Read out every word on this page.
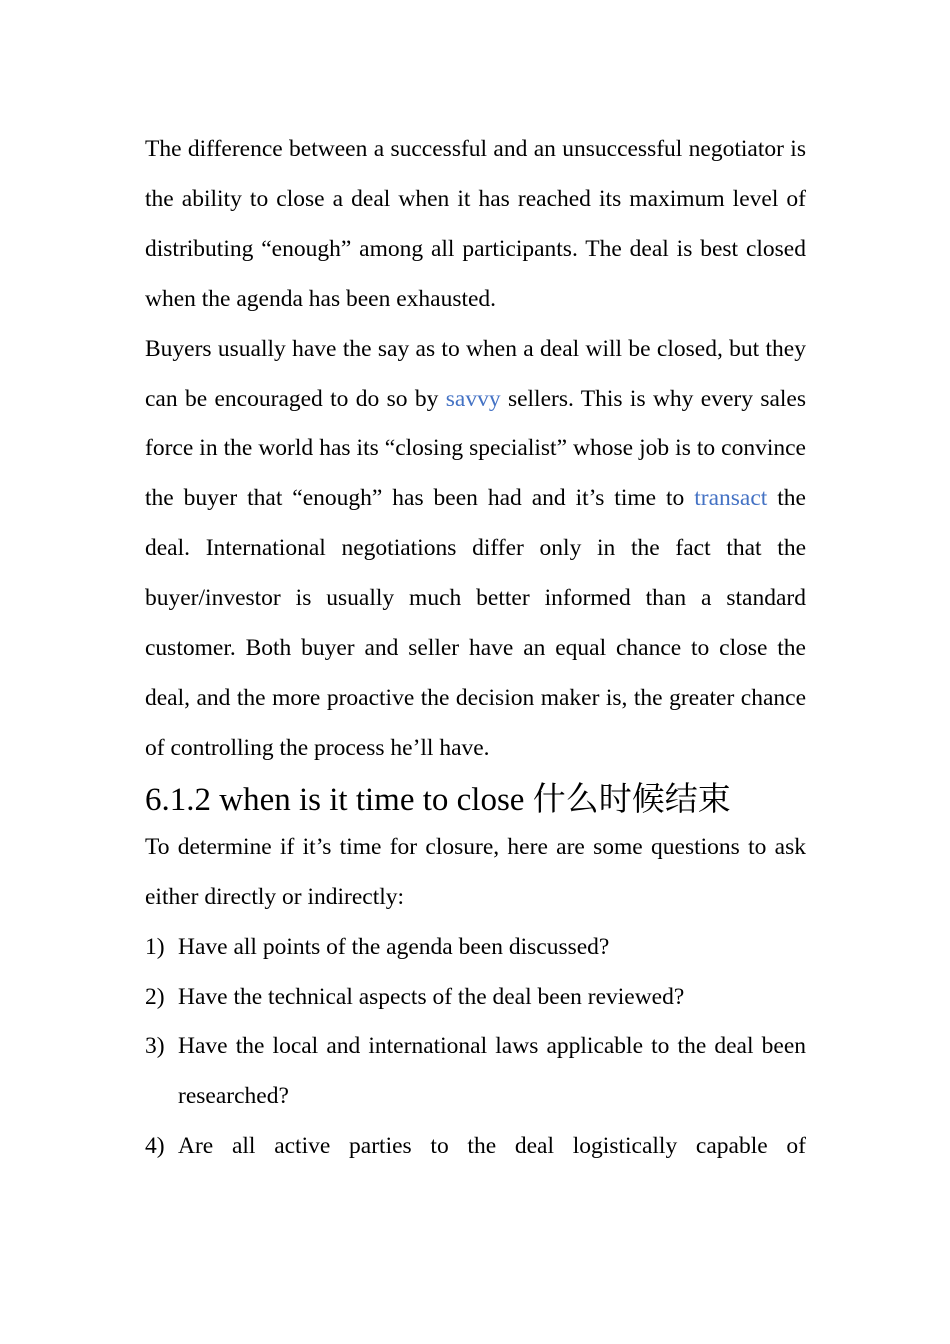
The difference between a successful and an unsuccessful negotiator is the ability to close a deal when it has reached its maximum level of distributing “enough” among all participants. The deal is best closed when the agenda has been exhausted.

Buyers usually have the say as to when a deal will be closed, but they can be encouraged to do so by savvy sellers. This is why every sales force in the world has its “closing specialist” whose job is to convince the buyer that “enough” has been had and it’s time to transact the deal. International negotiations differ only in the fact that the buyer/investor is usually much better informed than a standard customer. Both buyer and seller have an equal chance to close the deal, and the more proactive the decision maker is, the greater chance of controlling the process he’ll have.

6.1.2 when is it time to close 什么时候结束

To determine if it’s time for closure, here are some questions to ask either directly or indirectly:

1) Have all points of the agenda been discussed?
2) Have the technical aspects of the deal been reviewed?
3) Have the local and international laws applicable to the deal been researched?
4) Are all active parties to the deal logistically capable of
